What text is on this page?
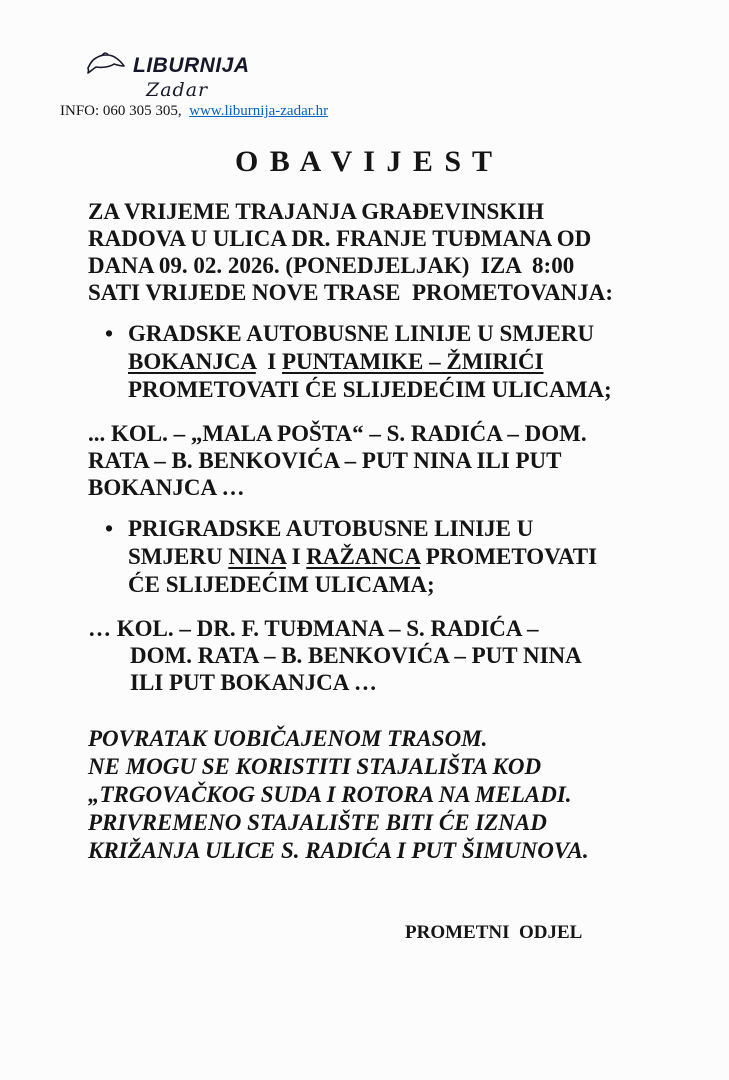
LIBURNIJA
Zadar
INFO: 060 305 305,  www.liburnija-zadar.hr
O B A V I J E S T
ZA VRIJEME TRAJANJA GRAĐEVINSKIH
RADOVA U ULICA DR. FRANJE TUĐMANA OD
DANA 09. 02. 2026. (PONEDJELJAK)  IZA  8:00
SATI VRIJEDE NOVE TRASE  PROMETOVANJA:
• GRADSKE AUTOBUSNE LINIJE U SMJERU
BOKANJCA  I PUNTAMIKE – ŽMIRIĆI
PROMETOVATI ĆE SLIJEDEĆIM ULICAMA;
... KOL. – „MALA POŠTA“ – S. RADIĆA – DOM.
RATA – B. BENKOVIĆA – PUT NINA ILI PUT
BOKANJCA …
• PRIGRADSKE AUTOBUSNE LINIJE U
SMJERU NINA I RAŽANCA PROMETOVATI
ĆE SLIJEDEĆIM ULICAMA;
… KOL. – DR. F. TUĐMANA – S. RADIĆA –
DOM. RATA – B. BENKOVIĆA – PUT NINA
ILI PUT BOKANJCA …
POVRATAK UOBIČAJENOM TRASOM.
NE MOGU SE KORISTITI STAJALIŠTA KOD
„TRGOVAČKOG SUDA I ROTORA NA MELADI.
PRIVREMENO STAJALIŠTE BITI ĆE IZNAD
KRIŽANJA ULICE S. RADIĆA I PUT ŠIMUNOVA.
PROMETNI  ODJEL
